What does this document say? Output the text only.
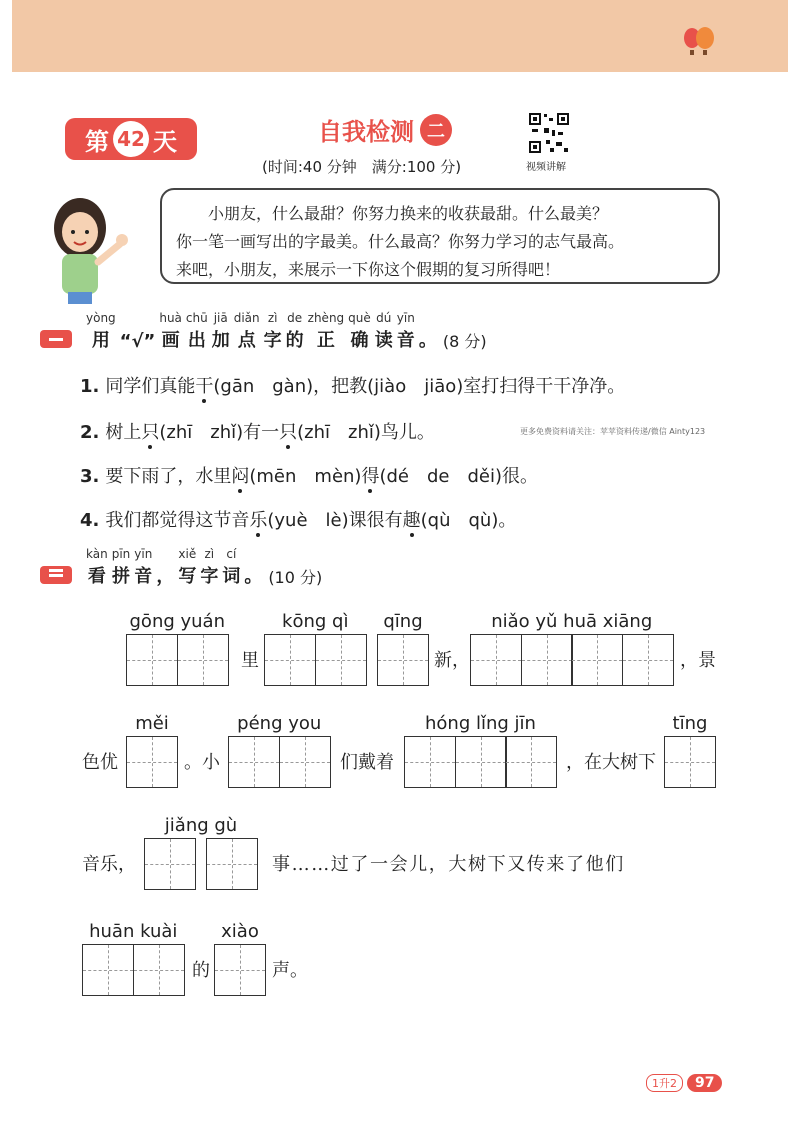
第 42 天	自我检测 二
(时间:40 分钟　满分:100 分)	视频讲解
　　小朋友，什么最甜？你努力换来的收获最甜。什么最美？
你一笔一画写出的字最美。什么最高？你努力学习的志气最高。
来吧，小朋友，来展示一下你这个假期的复习所得吧！
yòng
用 “√”
huà
画
chū
出
jiā
加
diǎn
点
zì
字
de
的
zhèng
正
què
确
dú
读
yīn
音 。 (8 分)
1. 同学们真能干(gān　gàn)，把教(jiào　jiāo)室打扫得干干净净。
2. 树上只(zhī　zhǐ)有一只(zhī　zhǐ)鸟儿。	更多免费资料请关注：苹苹资料传递/微信 Ainty123
3. 要下雨了，水里闷(mēn　mèn)得(dé　de　děi)很。
4. 我们都觉得这节音乐(yuè　lè)课很有趣(qù　qù)。
kàn
看
pīn
拼
yīn
音 ，
xiě
写
zì
字
cí
词 。 (10 分)
gōng yuán
里
kōng qì qīng
新，
niǎo yǔ huā xiāng
，景
色优
měi
。小
péng you
们戴着
hóng lǐng jīn
，在大树下
tīng
音乐，
jiǎng gù
事……过了一会儿，大树下又传来了他们
huān kuài
的
xiào
声。
1升2	97
